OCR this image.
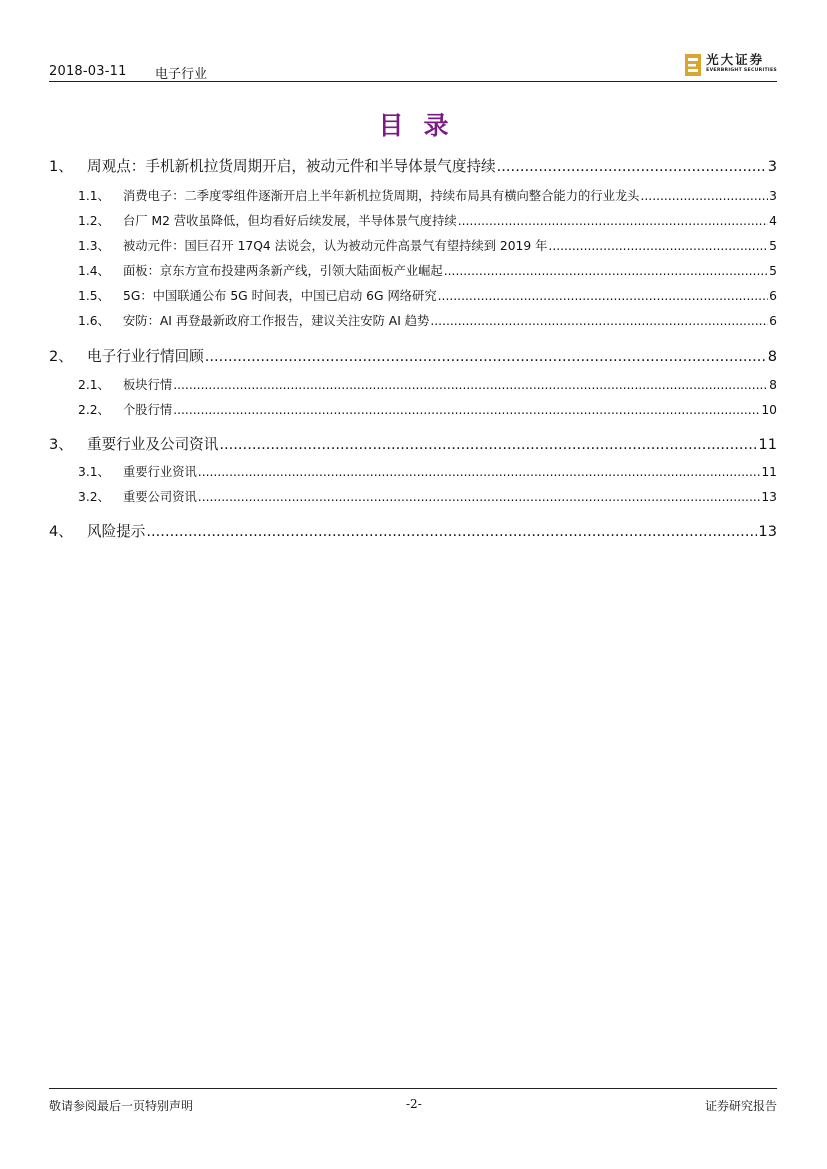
2018-03-11 电子行业
光大证券
EVERBRIGHT SECURITIES
目录
1、 周观点：手机新机拉货周期开启，被动元件和半导体景气度持续 .....	3
1.1、	消费电子：二季度零组件逐渐开启上半年新机拉货周期，持续布局具有横向整合能力的行业龙头 .....	3
1.2、	台厂 M2 营收虽降低，但均看好后续发展，半导体景气度持续 .....	4
1.3、	被动元件：国巨召开 17Q4 法说会，认为被动元件高景气有望持续到 2019 年 .....	5
1.4、	面板：京东方宣布投建两条新产线，引领大陆面板产业崛起 .....	5
1.5、	5G：中国联通公布 5G 时间表，中国已启动 6G 网络研究 .....	6
1.6、	安防：AI 再登最新政府工作报告，建议关注安防 AI 趋势 .....	6
2、 电子行业行情回顾 .....	8
2.1、	板块行情 .....	8
2.2、	个股行情 .....	10
3、 重要行业及公司资讯 .....	11
3.1、	重要行业资讯 .....	11
3.2、	重要公司资讯 .....	13
4、 风险提示 .....	13
敬请参阅最后一页特别声明	-2-	证券研究报告
